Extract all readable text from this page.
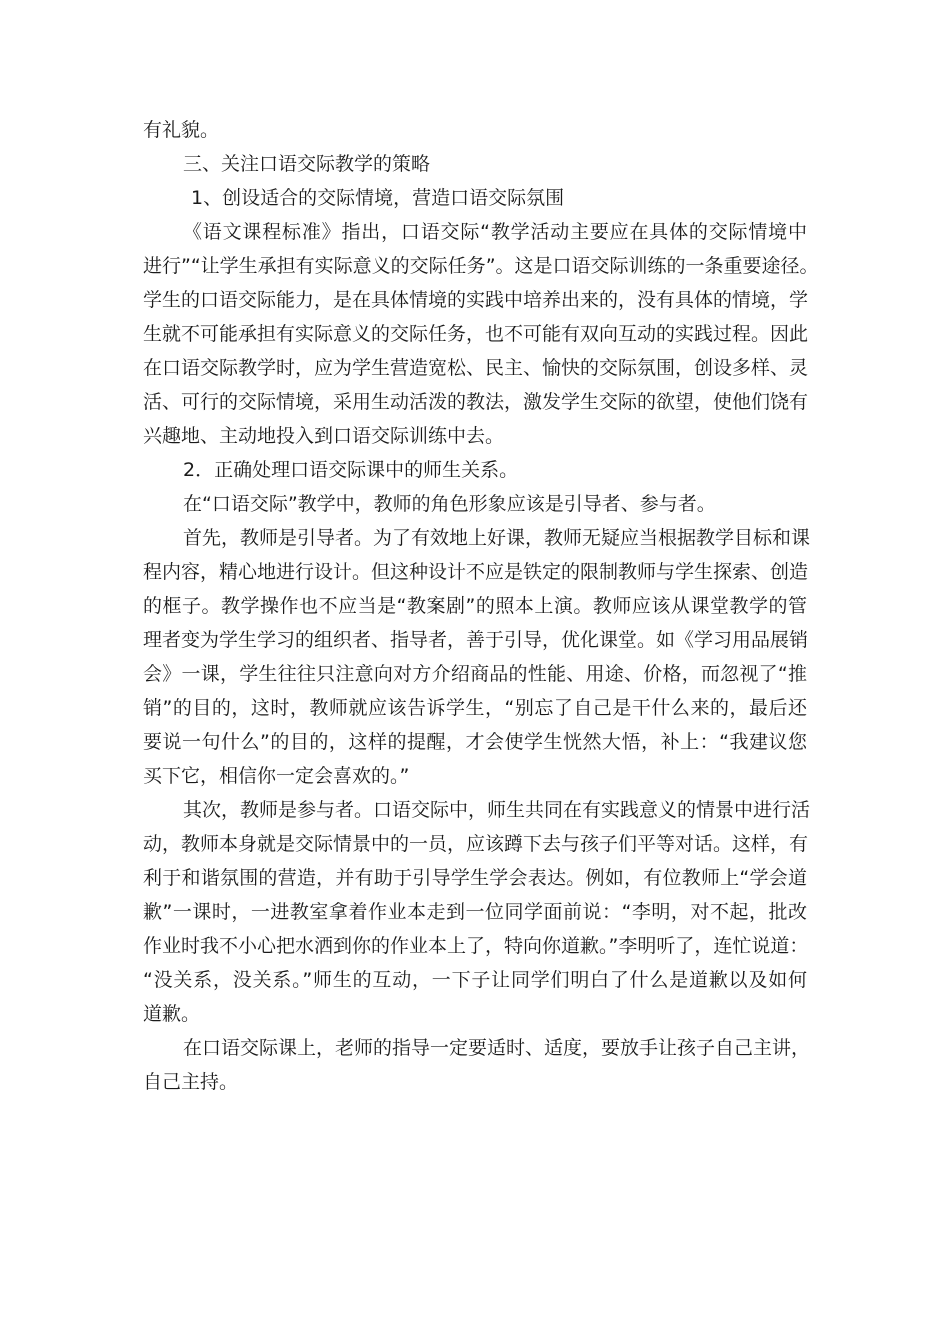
有礼貌。
三、关注口语交际教学的策略
1、创设适合的交际情境，营造口语交际氛围
《语文课程标准》指出，口语交际“教学活动主要应在具体的交际情境中
进行”“让学生承担有实际意义的交际任务”。这是口语交际训练的一条重要途径。
学生的口语交际能力，是在具体情境的实践中培养出来的，没有具体的情境，学
生就不可能承担有实际意义的交际任务，也不可能有双向互动的实践过程。因此
在口语交际教学时，应为学生营造宽松、民主、愉快的交际氛围，创设多样、灵
活、可行的交际情境，采用生动活泼的教法，激发学生交际的欲望，使他们饶有
兴趣地、主动地投入到口语交际训练中去。
2．正确处理口语交际课中的师生关系。
在“口语交际”教学中，教师的角色形象应该是引导者、参与者。
首先，教师是引导者。为了有效地上好课，教师无疑应当根据教学目标和课
程内容，精心地进行设计。但这种设计不应是铁定的限制教师与学生探索、创造
的框子。教学操作也不应当是“教案剧”的照本上演。教师应该从课堂教学的管
理者变为学生学习的组织者、指导者，善于引导，优化课堂。如《学习用品展销
会》一课，学生往往只注意向对方介绍商品的性能、用途、价格，而忽视了“推
销”的目的，这时，教师就应该告诉学生，“别忘了自己是干什么来的，最后还
要说一句什么”的目的，这样的提醒，才会使学生恍然大悟，补上：“我建议您
买下它，相信你一定会喜欢的。”
其次，教师是参与者。口语交际中，师生共同在有实践意义的情景中进行活
动，教师本身就是交际情景中的一员，应该蹲下去与孩子们平等对话。这样，有
利于和谐氛围的营造，并有助于引导学生学会表达。例如，有位教师上“学会道
歉”一课时，一进教室拿着作业本走到一位同学面前说：“李明，对不起，批改
作业时我不小心把水洒到你的作业本上了，特向你道歉。”李明听了，连忙说道：
“没关系，没关系。”师生的互动，一下子让同学们明白了什么是道歉以及如何
道歉。
在口语交际课上，老师的指导一定要适时、适度，要放手让孩子自己主讲，
自己主持。
